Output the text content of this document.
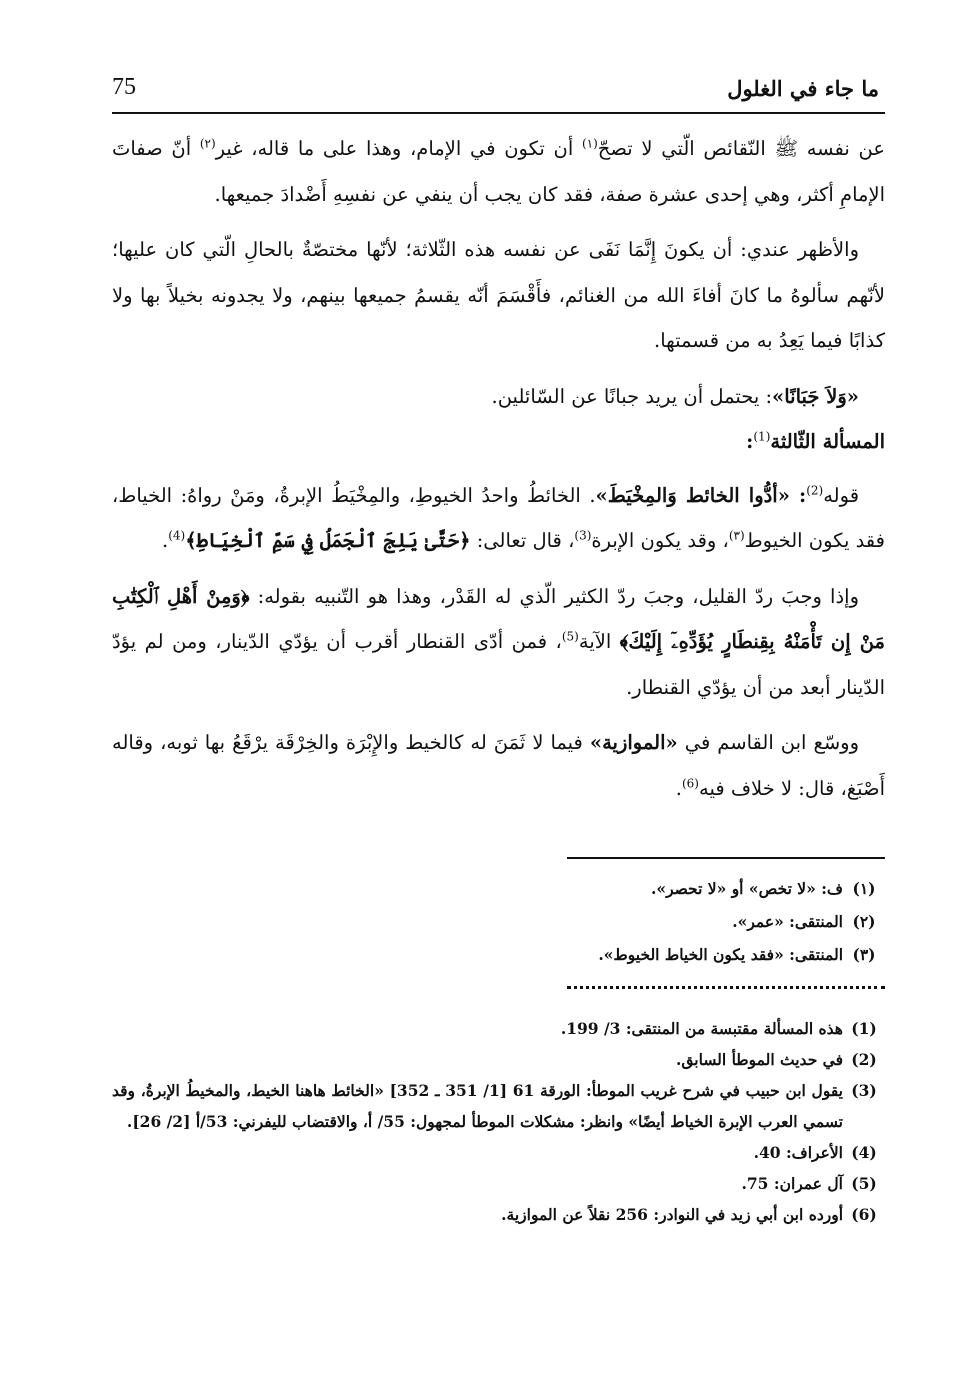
ما جاء في الغلول
75

عن نفسه ﷺ النّقائص الّتي لا تصحّ$^{(١)}$ أن تكون في الإمام، وهذا على ما قاله، غير$^{(٢)}$ أنّ صفاتَ الإمامِ أكثر، وهي إحدى عشرة صفة، فقد كان يجب أن ينفي عن نفسِهِ أَضْدادَ جميعها.

والأظهر عندي: أن يكونَ إِنَّمَا نَفَى عن نفسه هذه الثّلاثة؛ لأنّها مختصّةٌ بالحالِ الّتي كان عليها؛ لأنّهم سألوهُ ما كانَ أفاءَ الله من الغنائم، فأَقْسَمَ أنّه يقسمُ جميعها بينهم، ولا يجدونه بخيلاً بها ولا كذابًا فيما يَعِدُ به من قسمتها.

«وَلاَ جَبَانًا»: يحتمل أن يريد جبانًا عن السّائلين.

المسألة الثّالثة$^{(1)}$:

قوله$^{(2)}$: «أدُّوا الخائط وَالمِخْيَطَ». الخائطُ واحدُ الخيوطِ، والمِخْيَطُ الإبرةُ، ومَنْ رواهُ: الخياط، فقد يكون الخيوط$^{(٣)}$، وقد يكون الإبرة$^{(3)}$، قال تعالى: ﴿حَتَّىٰ يَلِجَ ٱلْجَمَلُ فِي سَمِّ ٱلْخِيَاطِ﴾$^{(4)}$.

وإذا وجبَ ردّ القليل، وجبَ ردّ الكثير الّذي له القَدْر، وهذا هو التّنبيه بقوله: ﴿وَمِنْ أَهْلِ ٱلْكِتَٰبِ مَنْ إِن تَأْمَنْهُ بِقِنطَارٍ يُؤَدِّهِۦٓ إِلَيْكَ﴾ الآية$^{(5)}$، فمن أدّى القنطار أقرب أن يؤدّي الدّينار، ومن لم يؤدّ الدّينار أبعد من أن يؤدّي القنطار.

ووسّع ابن القاسم في «الموازية» فيما لا ثَمَنَ له كالخيط والإِبْرَة والخِرْقَة يرْقَعُ بها ثوبه، وقاله أَصْبَغ، قال: لا خلاف فيه$^{(6)}$.

(١)
ف: «لا تخص» أو «لا تحصر».
(٢)
المنتقى: «عمر».
(٣)
المنتقى: «فقد يكون الخياط الخيوط».
(1)
هذه المسألة مقتبسة من المنتقى: 3/ 199.
(2)
في حديث الموطأ السابق.
(3)
يقول ابن حبيب في شرح غريب الموطأ: الورقة 61 [1/ 351 ـ 352] «الخائط هاهنا الخيط، والمخيطُ الإبرةُ، وقد تسمي العرب الإبرة الخياط أيضًا» وانظر: مشكلات الموطأ لمجهول: 55/ أ، والاقتضاب لليفرني: 53/أ [2/ 26].
(4)
الأعراف: 40.
(5)
آل عمران: 75.
(6)
أورده ابن أبي زيد في النوادر: 256 نقلاً عن الموازية.
